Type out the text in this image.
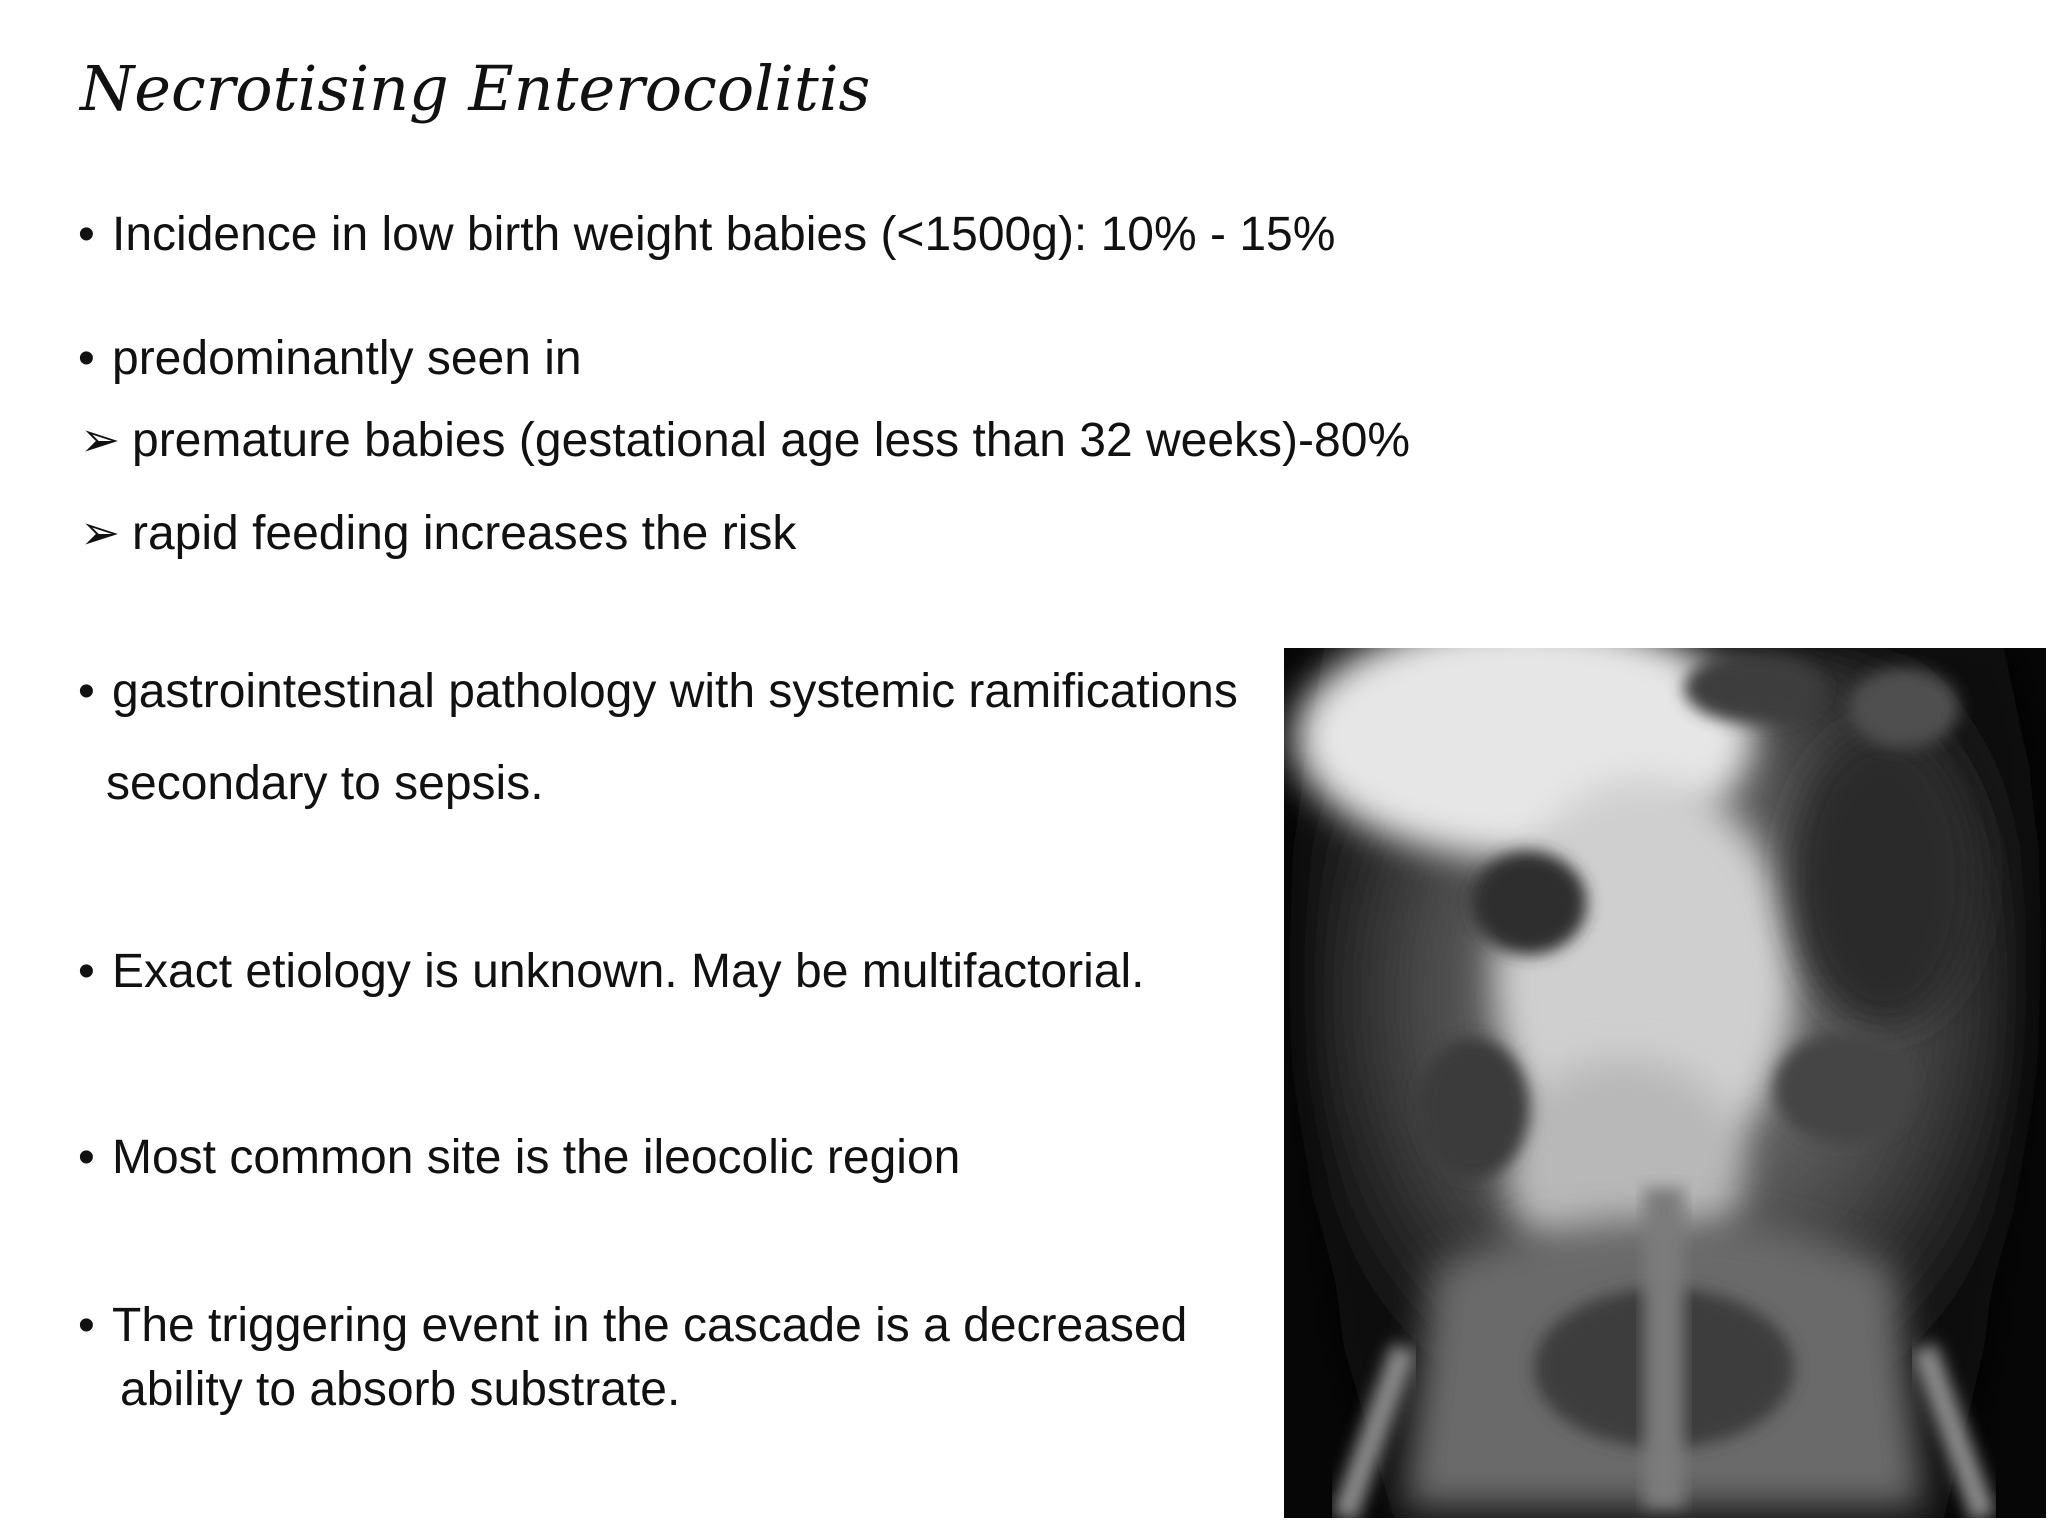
Necrotising Enterocolitis
• Incidence in low birth weight babies (<1500g): 10% - 15%
• predominantly seen in
➢ premature babies (gestational age less than 32 weeks)-80%
➢ rapid feeding increases the risk
• gastrointestinal pathology with systemic ramifications
secondary to sepsis.
• Exact etiology is unknown. May be multifactorial.
• Most common site is the ileocolic region
• The triggering event in the cascade is a decreased
ability to absorb substrate.
